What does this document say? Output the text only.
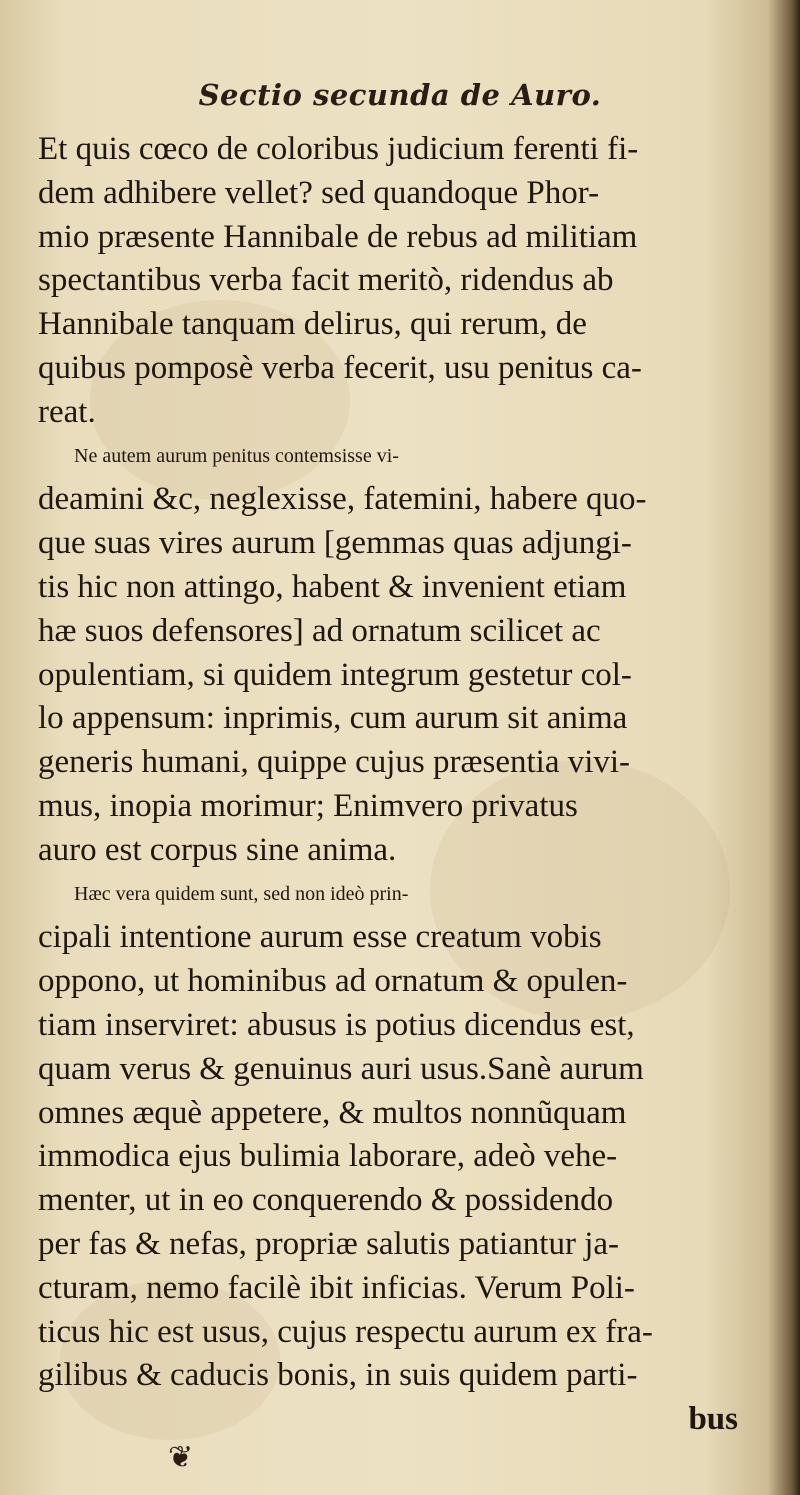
Sectio secunda de Auro.
Et quis cœco de coloribus judicium ferenti fi-
dem adhibere vellet? sed quandoque Phor-
mio præsente Hannibale de rebus ad militiam
spectantibus verba facit meritò, ridendus ab
Hannibale tanquam delirus, qui rerum, de
quibus pomposè verba fecerit, usu penitus ca-
reat.
Ne autem aurum penitus contemsisse vi-
deamini &c, neglexisse, fatemini, habere quo-
que suas vires aurum [gemmas quas adjungi-
tis hic non attingo, habent & invenient etiam
hæ suos defensores] ad ornatum scilicet ac
opulentiam, si quidem integrum gestetur col-
lo appensum: inprimis, cum aurum sit anima
generis humani, quippe cujus præsentia vivi-
mus, inopia morimur; Enimvero privatus
auro est corpus sine anima.
Hæc vera quidem sunt, sed non ideò prin-
cipali intentione aurum esse creatum vobis
oppono, ut hominibus ad ornatum & opulen-
tiam inserviret: abusus is potius dicendus est,
quam verus & genuinus auri usus.Sanè aurum
omnes æquè appetere, & multos nonnũquam
immodica ejus bulimia laborare, adeò vehe-
menter, ut in eo conquerendo & possidendo
per fas & nefas, propriæ salutis patiantur ja-
cturam, nemo facilè ibit inficias. Verum Poli-
ticus hic est usus, cujus respectu aurum ex fra-
gilibus & caducis bonis, in suis quidem parti-
bus
❦
